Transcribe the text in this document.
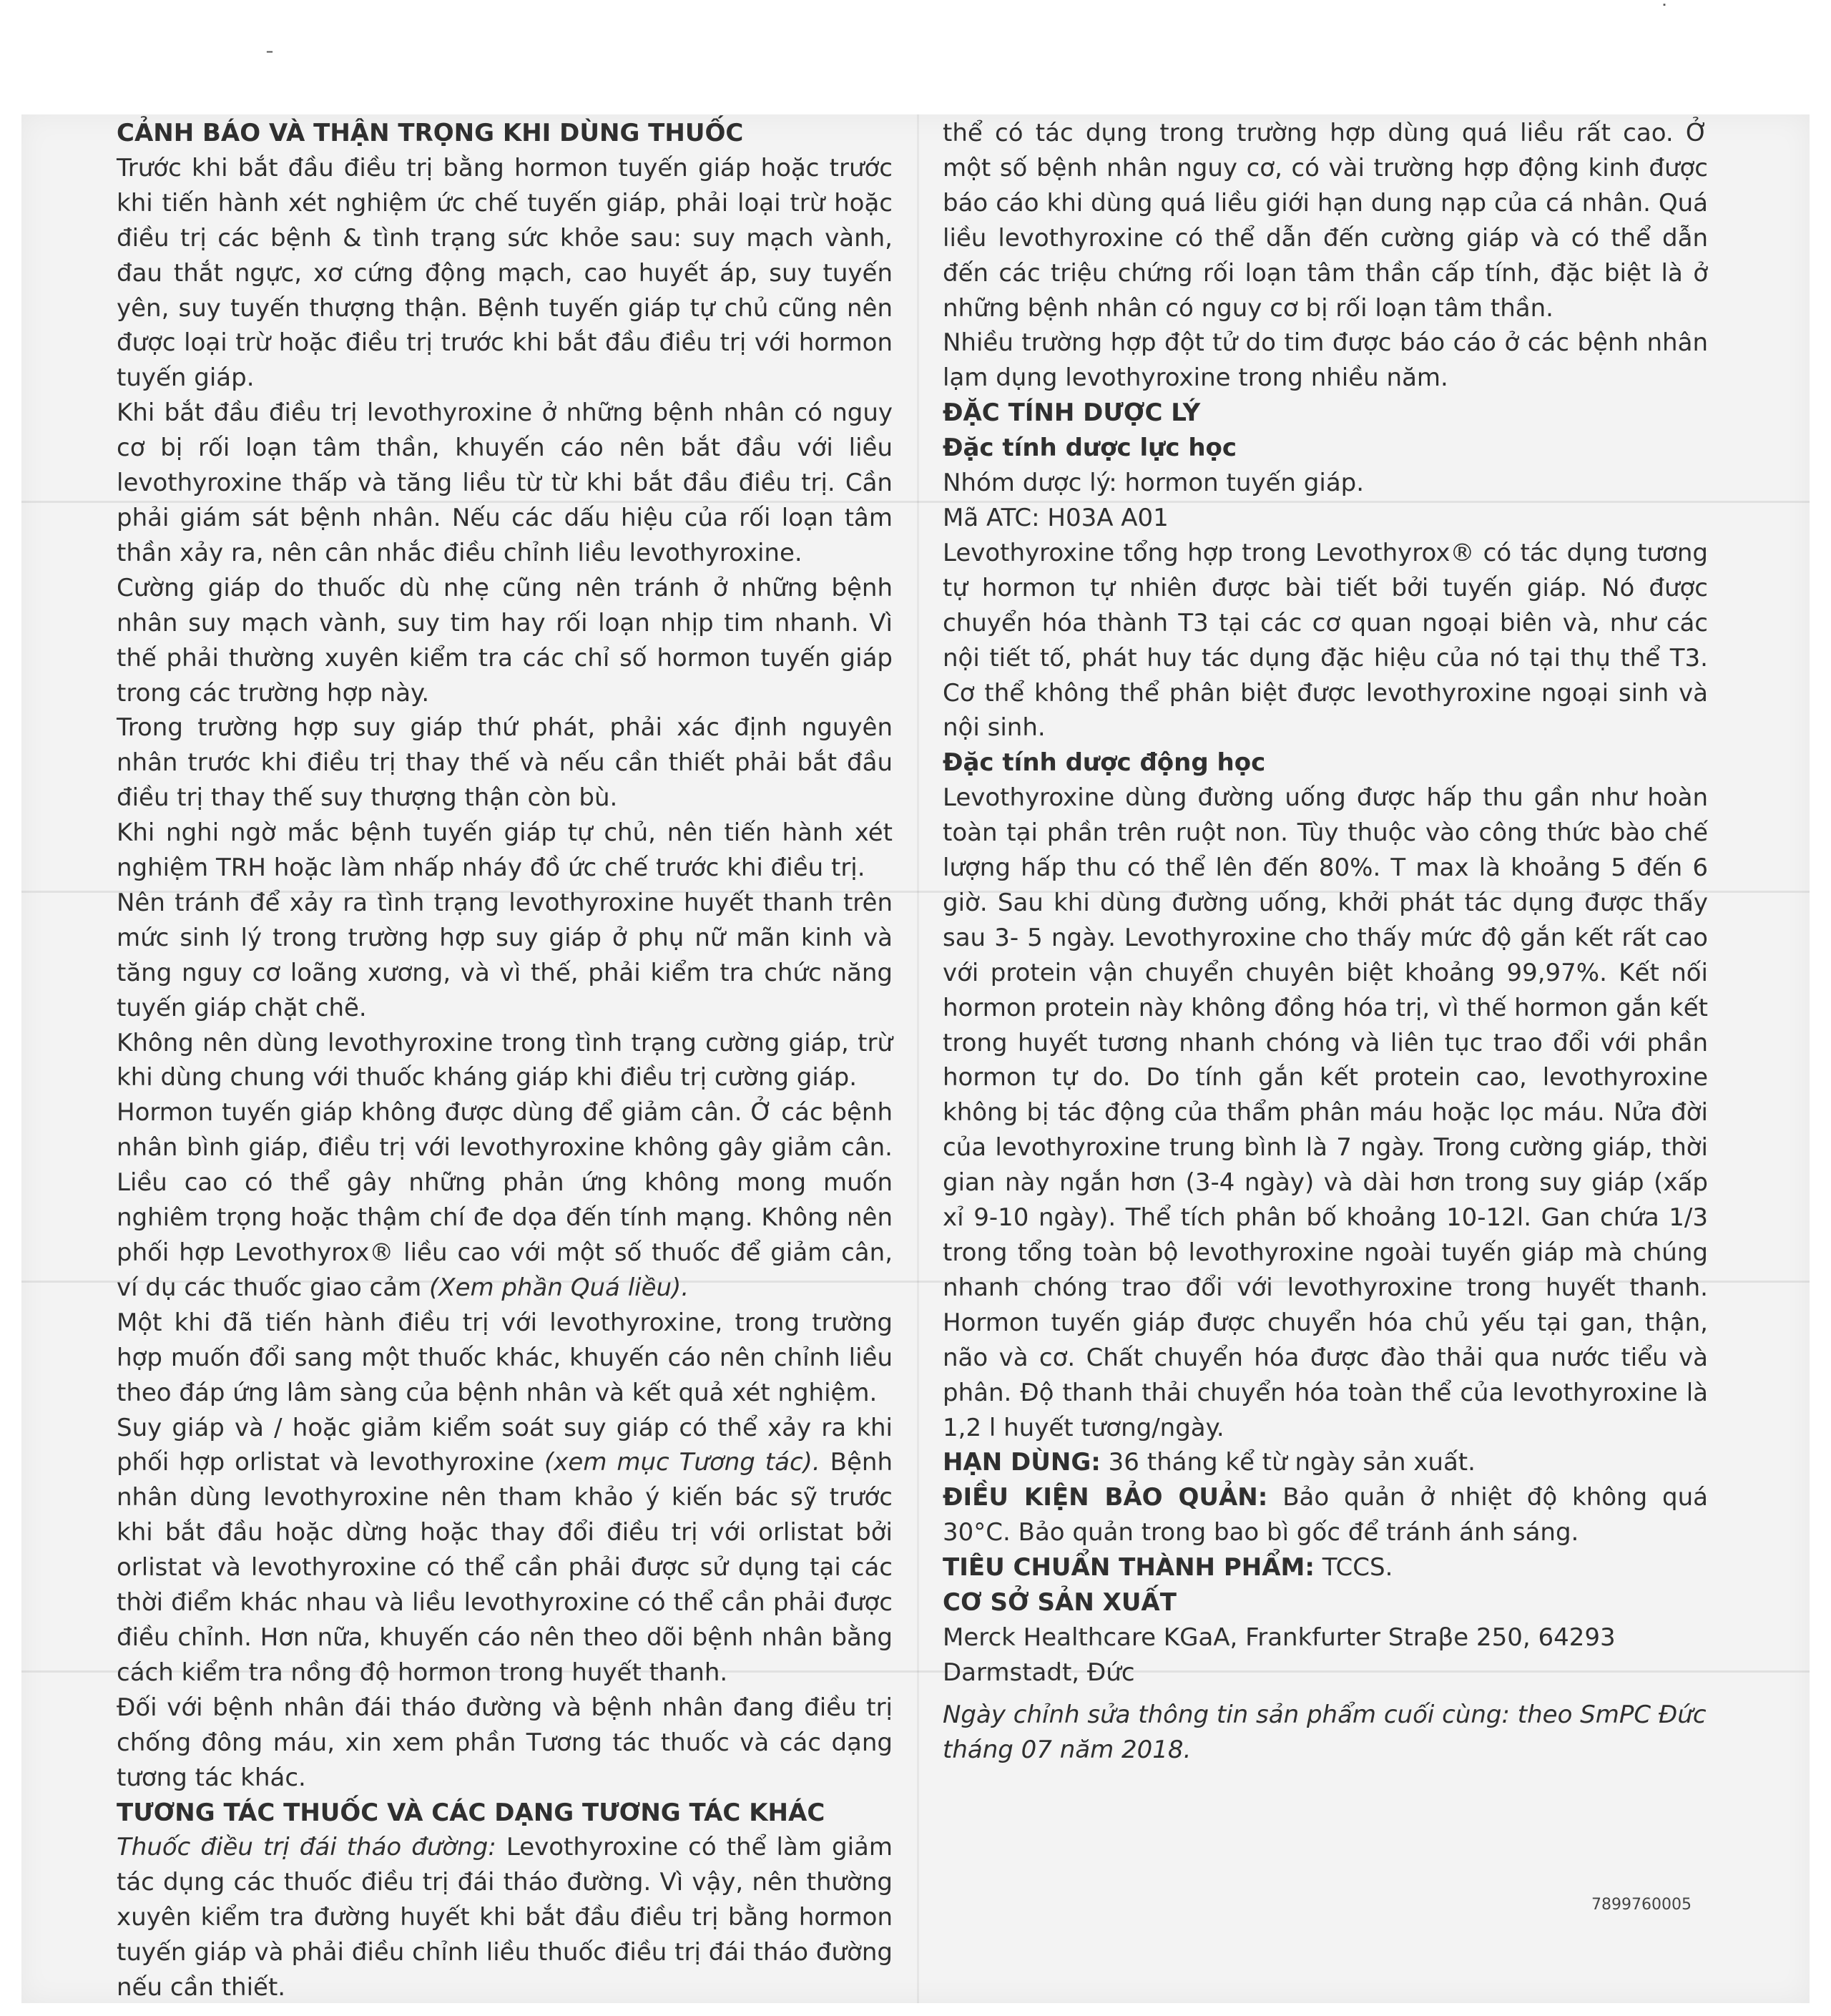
ˉ
˙

CẢNH BÁO VÀ THẬN TRỌNG KHI DÙNG THUỐC

Trước khi bắt đầu điều trị bằng hormon tuyến giáp hoặc trước khi tiến hành xét nghiệm ức chế tuyến giáp, phải loại trừ hoặc điều trị các bệnh & tình trạng sức khỏe sau: suy mạch vành, đau thắt ngực, xơ cứng động mạch, cao huyết áp, suy tuyến yên, suy tuyến thượng thận. Bệnh tuyến giáp tự chủ cũng nên được loại trừ hoặc điều trị trước khi bắt đầu điều trị với hormon tuyến giáp.

Khi bắt đầu điều trị levothyroxine ở những bệnh nhân có nguy cơ bị rối loạn tâm thần, khuyến cáo nên bắt đầu với liều levothyroxine thấp và tăng liều từ từ khi bắt đầu điều trị. Cần phải giám sát bệnh nhân. Nếu các dấu hiệu của rối loạn tâm thần xảy ra, nên cân nhắc điều chỉnh liều levothyroxine.

Cường giáp do thuốc dù nhẹ cũng nên tránh ở những bệnh nhân suy mạch vành, suy tim hay rối loạn nhịp tim nhanh. Vì thế phải thường xuyên kiểm tra các chỉ số hormon tuyến giáp trong các trường hợp này.

Trong trường hợp suy giáp thứ phát, phải xác định nguyên nhân trước khi điều trị thay thế và nếu cần thiết phải bắt đầu điều trị thay thế suy thượng thận còn bù.

Khi nghi ngờ mắc bệnh tuyến giáp tự chủ, nên tiến hành xét nghiệm TRH hoặc làm nhấp nháy đồ ức chế trước khi điều trị.

Nên tránh để xảy ra tình trạng levothyroxine huyết thanh trên mức sinh lý trong trường hợp suy giáp ở phụ nữ mãn kinh và tăng nguy cơ loãng xương, và vì thế, phải kiểm tra chức năng tuyến giáp chặt chẽ.

Không nên dùng levothyroxine trong tình trạng cường giáp, trừ khi dùng chung với thuốc kháng giáp khi điều trị cường giáp.

Hormon tuyến giáp không được dùng để giảm cân. Ở các bệnh nhân bình giáp, điều trị với levothyroxine không gây giảm cân. Liều cao có thể gây những phản ứng không mong muốn nghiêm trọng hoặc thậm chí đe dọa đến tính mạng. Không nên phối hợp Levothyrox® liều cao với một số thuốc để giảm cân, ví dụ các thuốc giao cảm (Xem phần Quá liều).

Một khi đã tiến hành điều trị với levothyroxine, trong trường hợp muốn đổi sang một thuốc khác, khuyến cáo nên chỉnh liều theo đáp ứng lâm sàng của bệnh nhân và kết quả xét nghiệm.

Suy giáp và / hoặc giảm kiểm soát suy giáp có thể xảy ra khi phối hợp orlistat và levothyroxine (xem mục Tương tác). Bệnh nhân dùng levothyroxine nên tham khảo ý kiến bác sỹ trước khi bắt đầu hoặc dừng hoặc thay đổi điều trị với orlistat bởi orlistat và levothyroxine có thể cần phải được sử dụng tại các thời điểm khác nhau và liều levothyroxine có thể cần phải được điều chỉnh. Hơn nữa, khuyến cáo nên theo dõi bệnh nhân bằng cách kiểm tra nồng độ hormon trong huyết thanh.

Đối với bệnh nhân đái tháo đường và bệnh nhân đang điều trị chống đông máu, xin xem phần Tương tác thuốc và các dạng tương tác khác.

TƯƠNG TÁC THUỐC VÀ CÁC DẠNG TƯƠNG TÁC KHÁC

Thuốc điều trị đái tháo đường: Levothyroxine có thể làm giảm tác dụng các thuốc điều trị đái tháo đường. Vì vậy, nên thường xuyên kiểm tra đường huyết khi bắt đầu điều trị bằng hormon tuyến giáp và phải điều chỉnh liều thuốc điều trị đái tháo đường nếu cần thiết.

thể có tác dụng trong trường hợp dùng quá liều rất cao. Ở một số bệnh nhân nguy cơ, có vài trường hợp động kinh được báo cáo khi dùng quá liều giới hạn dung nạp của cá nhân. Quá liều levothyroxine có thể dẫn đến cường giáp và có thể dẫn đến các triệu chứng rối loạn tâm thần cấp tính, đặc biệt là ở những bệnh nhân có nguy cơ bị rối loạn tâm thần.

Nhiều trường hợp đột tử do tim được báo cáo ở các bệnh nhân lạm dụng levothyroxine trong nhiều năm.

ĐẶC TÍNH DƯỢC LÝ

Đặc tính dược lực học

Nhóm dược lý: hormon tuyến giáp.

Mã ATC: H03A A01

Levothyroxine tổng hợp trong Levothyrox® có tác dụng tương tự hormon tự nhiên được bài tiết bởi tuyến giáp. Nó được chuyển hóa thành T3 tại các cơ quan ngoại biên và, như các nội tiết tố, phát huy tác dụng đặc hiệu của nó tại thụ thể T3. Cơ thể không thể phân biệt được levothyroxine ngoại sinh và nội sinh.

Đặc tính dược động học

Levothyroxine dùng đường uống được hấp thu gần như hoàn toàn tại phần trên ruột non. Tùy thuộc vào công thức bào chế lượng hấp thu có thể lên đến 80%. T max là khoảng 5 đến 6 giờ. Sau khi dùng đường uống, khởi phát tác dụng được thấy sau 3- 5 ngày. Levothyroxine cho thấy mức độ gắn kết rất cao với protein vận chuyển chuyên biệt khoảng 99,97%. Kết nối hormon protein này không đồng hóa trị, vì thế hormon gắn kết trong huyết tương nhanh chóng và liên tục trao đổi với phần hormon tự do. Do tính gắn kết protein cao, levothyroxine không bị tác động của thẩm phân máu hoặc lọc máu. Nửa đời của levothyroxine trung bình là 7 ngày. Trong cường giáp, thời gian này ngắn hơn (3-4 ngày) và dài hơn trong suy giáp (xấp xỉ 9-10 ngày). Thể tích phân bố khoảng 10-12l. Gan chứa 1/3 trong tổng toàn bộ levothyroxine ngoài tuyến giáp mà chúng nhanh chóng trao đổi với levothyroxine trong huyết thanh. Hormon tuyến giáp được chuyển hóa chủ yếu tại gan, thận, não và cơ. Chất chuyển hóa được đào thải qua nước tiểu và phân. Độ thanh thải chuyển hóa toàn thể của levothyroxine là 1,2 l huyết tương/ngày.

HẠN DÙNG: 36 tháng kể từ ngày sản xuất.

ĐIỀU KIỆN BẢO QUẢN: Bảo quản ở nhiệt độ không quá 30°C. Bảo quản trong bao bì gốc để tránh ánh sáng.

TIÊU CHUẨN THÀNH PHẨM: TCCS.

CƠ SỞ SẢN XUẤT

Merck Healthcare KGaA, Frankfurter Straβe 250, 64293 Darmstadt, Đức

Ngày chỉnh sửa thông tin sản phẩm cuối cùng: theo SmPC Đức tháng 07 năm 2018.

7899760005
